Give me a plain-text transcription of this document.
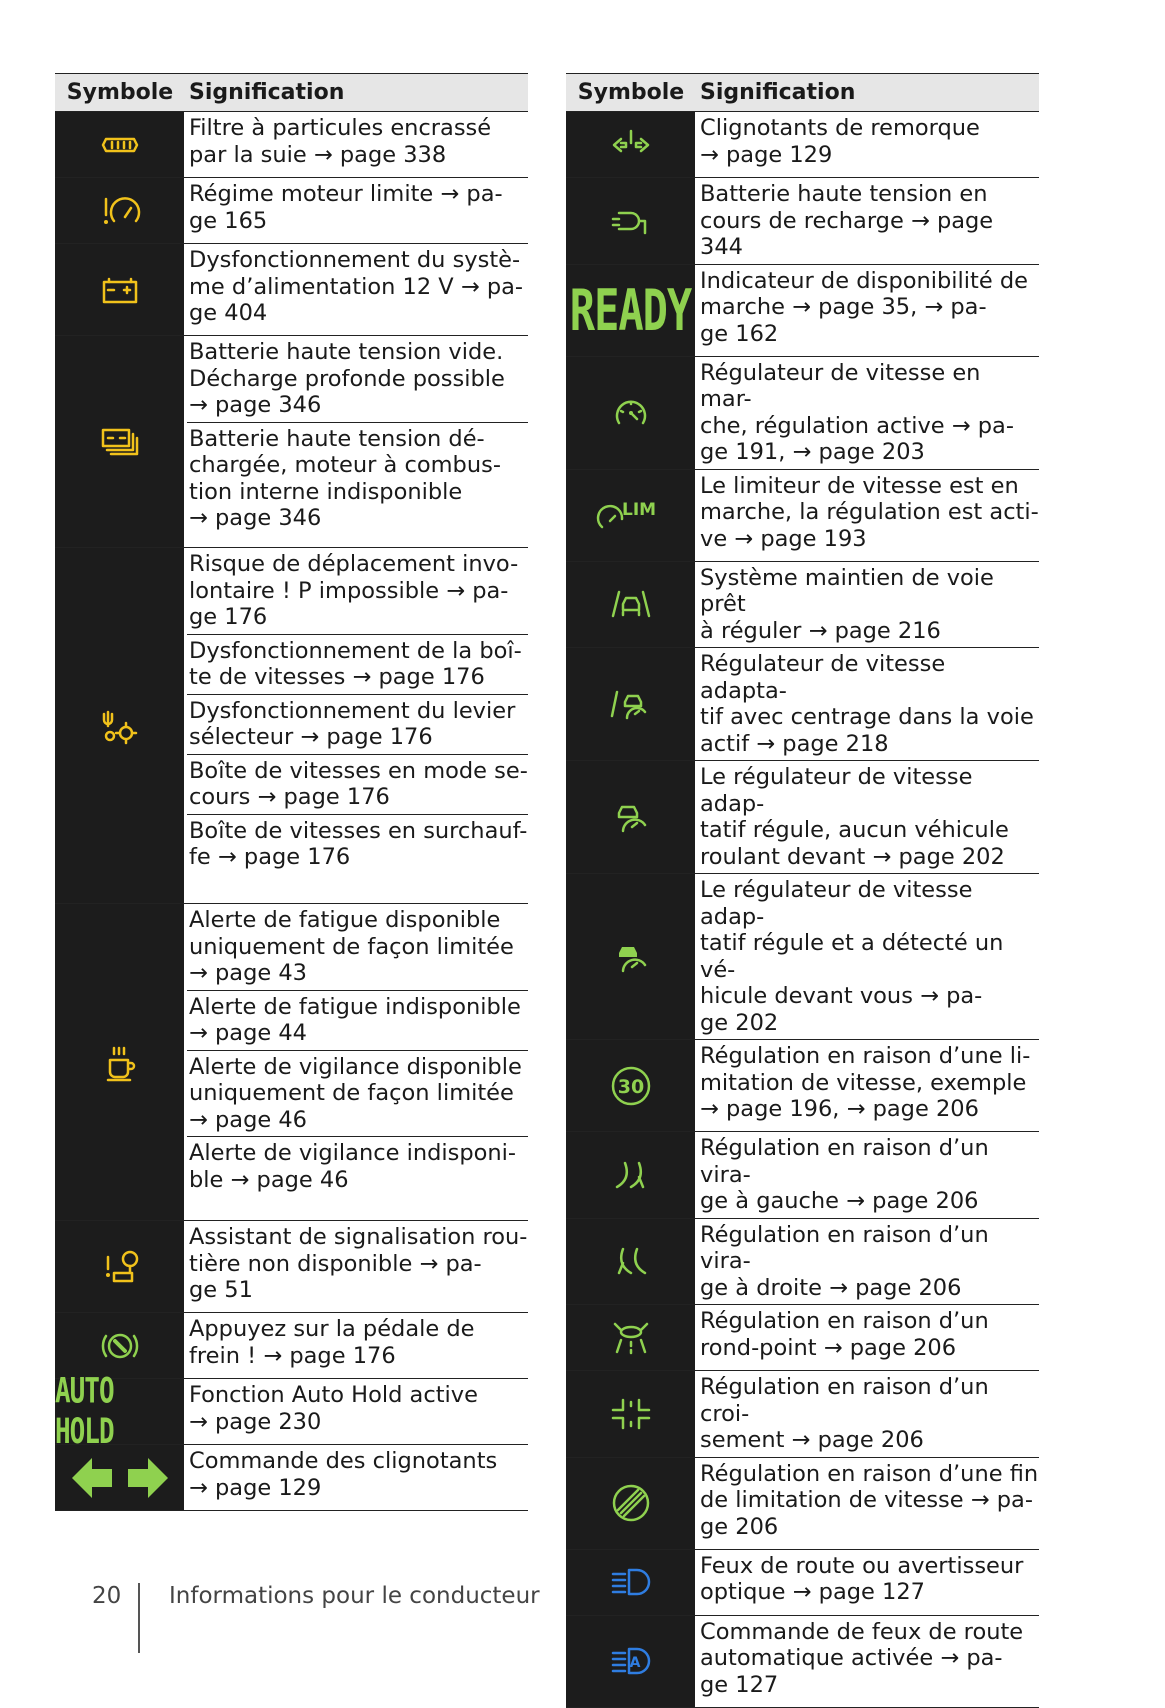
Symbole Signification
Filtre à particules encrassé
par la suie → page 338
Régime moteur limite → pa-
ge 165
Dysfonctionnement du systè-
me d’alimentation 12 V → pa-
ge 404
Batterie haute tension vide.
Décharge profonde possible
→ page 346
Batterie haute tension dé-
chargée, moteur à combus-
tion interne indisponible
→ page 346
Risque de déplacement invo-
lontaire ! P impossible → pa-
ge 176
Dysfonctionnement de la boî-
te de vitesses → page 176
Dysfonctionnement du levier
sélecteur → page 176
Boîte de vitesses en mode se-
cours → page 176
Boîte de vitesses en surchauf-
fe → page 176
Alerte de fatigue disponible
uniquement de façon limitée
→ page 43
Alerte de fatigue indisponible
→ page 44
Alerte de vigilance disponible
uniquement de façon limitée
→ page 46
Alerte de vigilance indisponi-
ble → page 46
Assistant de signalisation rou-
tière non disponible → pa-
ge 51
Appuyez sur la pédale de
frein ! → page 176
AUTO HOLD
Fonction Auto Hold active
→ page 230
Commande des clignotants
→ page 129
Symbole Signification
Clignotants de remorque
→ page 129
Batterie haute tension en
cours de recharge → page 344
READY Indicateur de disponibilité de
marche → page 35, → pa-
ge 162
Régulateur de vitesse en mar-
che, régulation active → pa-
ge 191, → page 203
LIM
Le limiteur de vitesse est en
marche, la régulation est acti-
ve → page 193
Système maintien de voie prêt
à réguler → page 216
Régulateur de vitesse adapta-
tif avec centrage dans la voie
actif → page 218
Le régulateur de vitesse adap-
tatif régule, aucun véhicule
roulant devant → page 202
Le régulateur de vitesse adap-
tatif régule et a détecté un vé-
hicule devant vous → pa-
ge 202
30
Régulation en raison d’une li-
mitation de vitesse, exemple
→ page 196, → page 206
Régulation en raison d’un vira-
ge à gauche → page 206
Régulation en raison d’un vira-
ge à droite → page 206
Régulation en raison d’un
rond-point → page 206
Régulation en raison d’un croi-
sement → page 206
Régulation en raison d’une fin
de limitation de vitesse → pa-
ge 206
Feux de route ou avertisseur
optique → page 127
A
Commande de feux de route
automatique activée → pa-
ge 127
20 Informations pour le conducteur
